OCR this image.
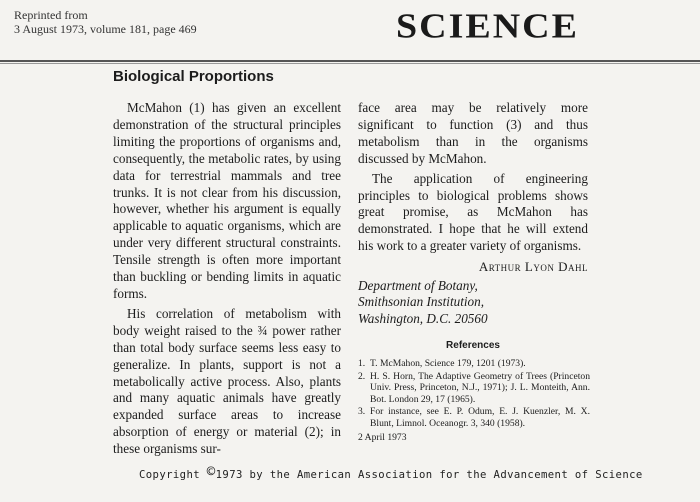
Reprinted from
3 August 1973, volume 181, page 469	SCIENCE
Biological Proportions

McMahon (1) has given an excellent demonstration of the structural principles limiting the proportions of organisms and, consequently, the metabolic rates, by using data for terrestrial mammals and tree trunks. It is not clear from his discussion, however, whether his argument is equally applicable to aquatic organisms, which are under very different structural constraints. Tensile strength is often more important than buckling or bending limits in aquatic forms.

His correlation of metabolism with body weight raised to the ¾ power rather than total body surface seems less easy to generalize. In plants, support is not a metabolically active process. Also, plants and many aquatic animals have greatly expanded surface areas to increase absorption of energy or material (2); in these organisms sur-

face area may be relatively more significant to function (3) and thus metabolism than in the organisms discussed by McMahon.

The application of engineering principles to biological problems shows great promise, as McMahon has demonstrated. I hope that he will extend his work to a greater variety of organisms.

Arthur Lyon Dahl
Department of Botany,
Smithsonian Institution,
Washington, D.C. 20560
References
1. T. McMahon, Science 179, 1201 (1973).
2. H. S. Horn, The Adaptive Geometry of Trees (Princeton Univ. Press, Princeton, N.J., 1971); J. L. Monteith, Ann. Bot. London 29, 17 (1965).
3. For instance, see E. P. Odum, E. J. Kuenzler, M. X. Blunt, Limnol. Oceanogr. 3, 340 (1958).
2 April 1973
Copyright ©1973 by the American Association for the Advancement of Science
